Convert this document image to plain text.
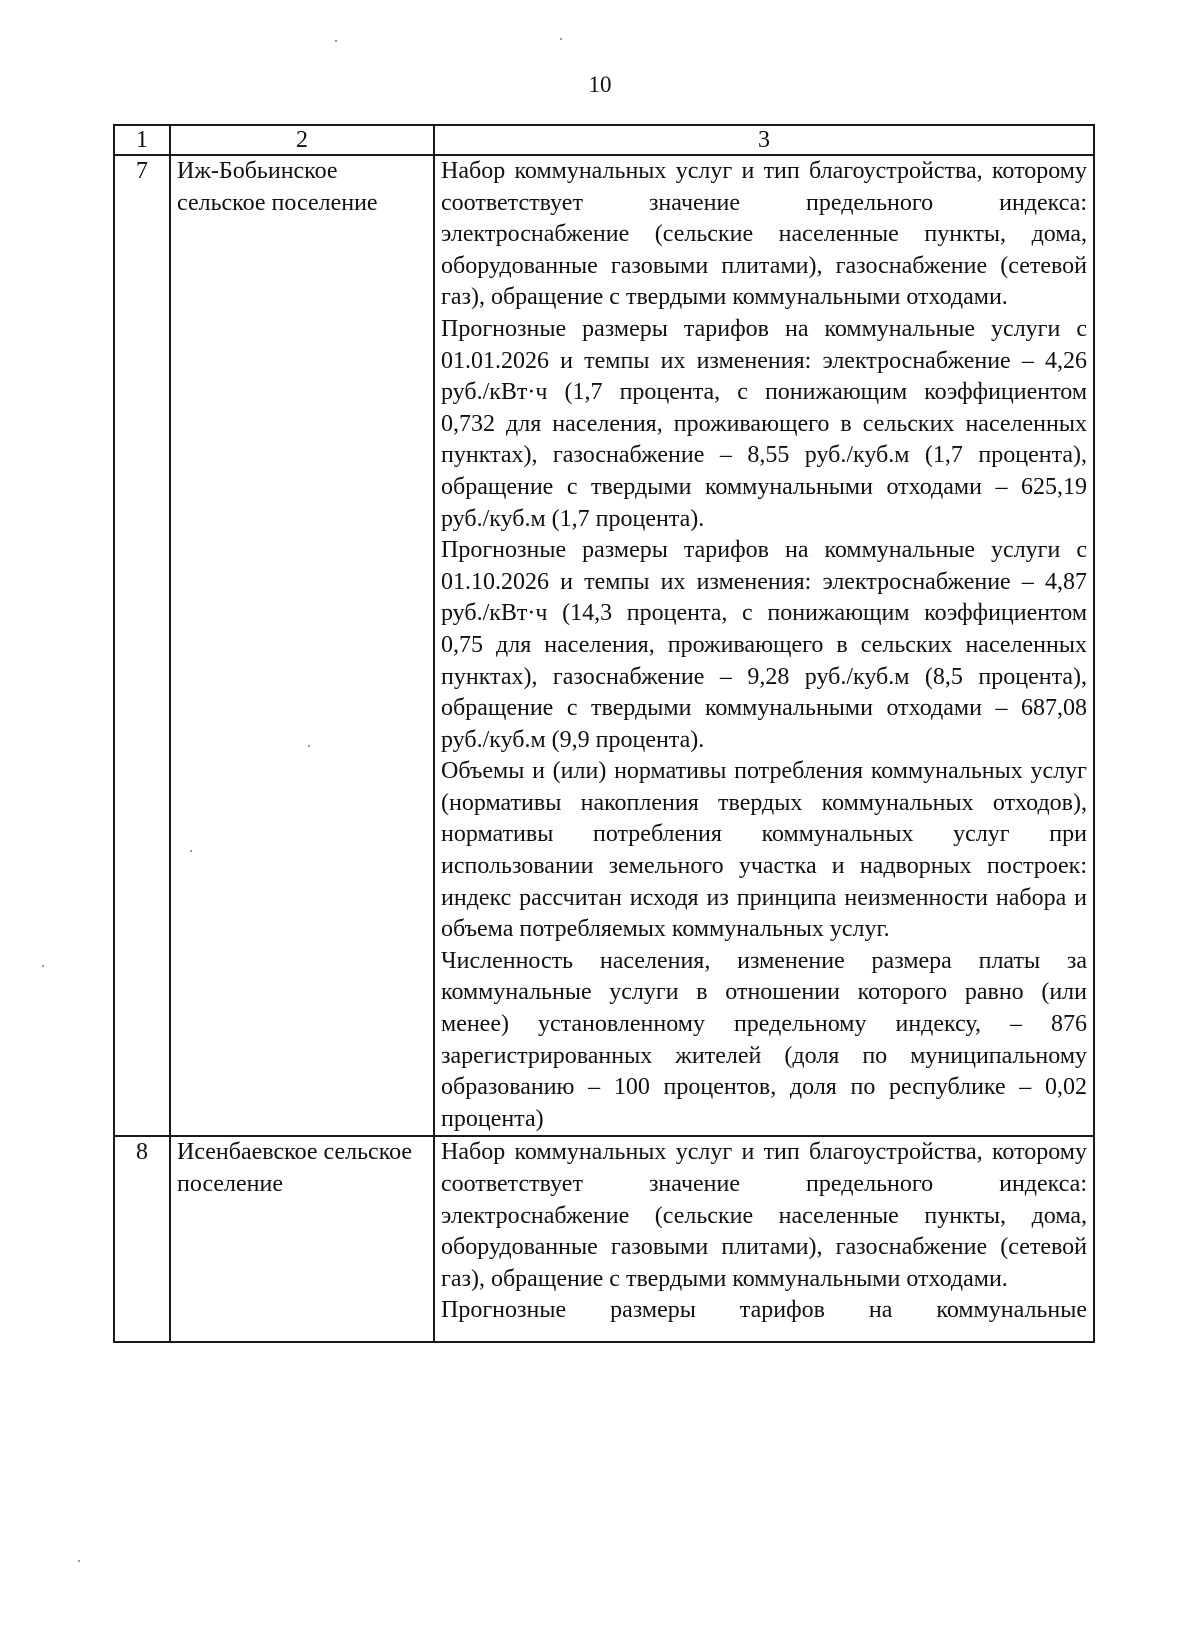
10
1	2	3
7	Иж-Бобьинское сельское поселение	Набор коммунальных услуг и тип благоустройства, которому соответствует значение предельного индекса: электроснабжение (сельские населенные пункты, дома, оборудованные газовыми плитами), газоснабжение (сетевой газ), обращение с твердыми коммунальными отходами.

Прогнозные размеры тарифов на коммунальные услуги с 01.01.2026 и темпы их изменения: электроснабжение – 4,26 руб./кВт·ч (1,7 процента, с понижающим коэффициентом 0,732 для населения, проживающего в сельских населенных пунктах), газоснабжение – 8,55 руб./куб.м (1,7 процента), обращение с твердыми коммунальными отходами – 625,19 руб./куб.м (1,7 процента).

Прогнозные размеры тарифов на коммунальные услуги с 01.10.2026 и темпы их изменения: электроснабжение – 4,87 руб./кВт·ч (14,3 процента, с понижающим коэффициентом 0,75 для населения, проживающего в сельских населенных пунктах), газоснабжение – 9,28 руб./куб.м (8,5 процента), обращение с твердыми коммунальными отходами – 687,08 руб./куб.м (9,9 процента).

Объемы и (или) нормативы потребления коммунальных услуг (нормативы накопления твердых коммунальных отходов), нормативы потребления коммунальных услуг при использовании земельного участка и надворных построек: индекс рассчитан исходя из принципа неизменности набора и объема потребляемых коммунальных услуг.

Численность населения, изменение размера платы за коммунальные услуги в отношении которого равно (или менее) установленному предельному индексу, – 876 зарегистрированных жителей (доля по муниципальному образованию – 100 процентов, доля по республике – 0,02 процента)

8	Исенбаевское сельское поселение	Набор коммунальных услуг и тип благоустройства, которому соответствует значение предельного индекса: электроснабжение (сельские населенные пункты, дома, оборудованные газовыми плитами), газоснабжение (сетевой газ), обращение с твердыми коммунальными отходами.

Прогнозные размеры тарифов на коммунальные
